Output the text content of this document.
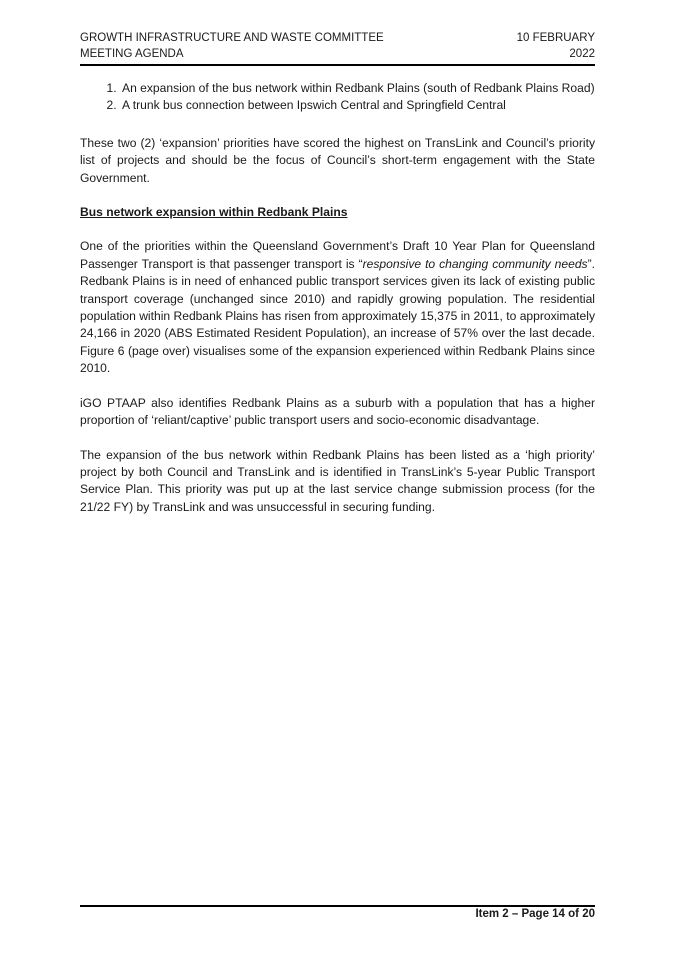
GROWTH INFRASTRUCTURE AND WASTE COMMITTEE
MEETING AGENDA
10 FEBRUARY
2022
1. An expansion of the bus network within Redbank Plains (south of Redbank Plains Road)
2. A trunk bus connection between Ipswich Central and Springfield Central

These two (2) ‘expansion’ priorities have scored the highest on TransLink and Council’s priority list of projects and should be the focus of Council’s short-term engagement with the State Government.

Bus network expansion within Redbank Plains

One of the priorities within the Queensland Government’s Draft 10 Year Plan for Queensland Passenger Transport is that passenger transport is “responsive to changing community needs”. Redbank Plains is in need of enhanced public transport services given its lack of existing public transport coverage (unchanged since 2010) and rapidly growing population. The residential population within Redbank Plains has risen from approximately 15,375 in 2011, to approximately 24,166 in 2020 (ABS Estimated Resident Population), an increase of 57% over the last decade. Figure 6 (page over) visualises some of the expansion experienced within Redbank Plains since 2010.

iGO PTAAP also identifies Redbank Plains as a suburb with a population that has a higher proportion of ‘reliant/captive’ public transport users and socio-economic disadvantage.

The expansion of the bus network within Redbank Plains has been listed as a ‘high priority’ project by both Council and TransLink and is identified in TransLink’s 5-year Public Transport Service Plan. This priority was put up at the last service change submission process (for the 21/22 FY) by TransLink and was unsuccessful in securing funding.

Item 2 – Page 14 of 20
